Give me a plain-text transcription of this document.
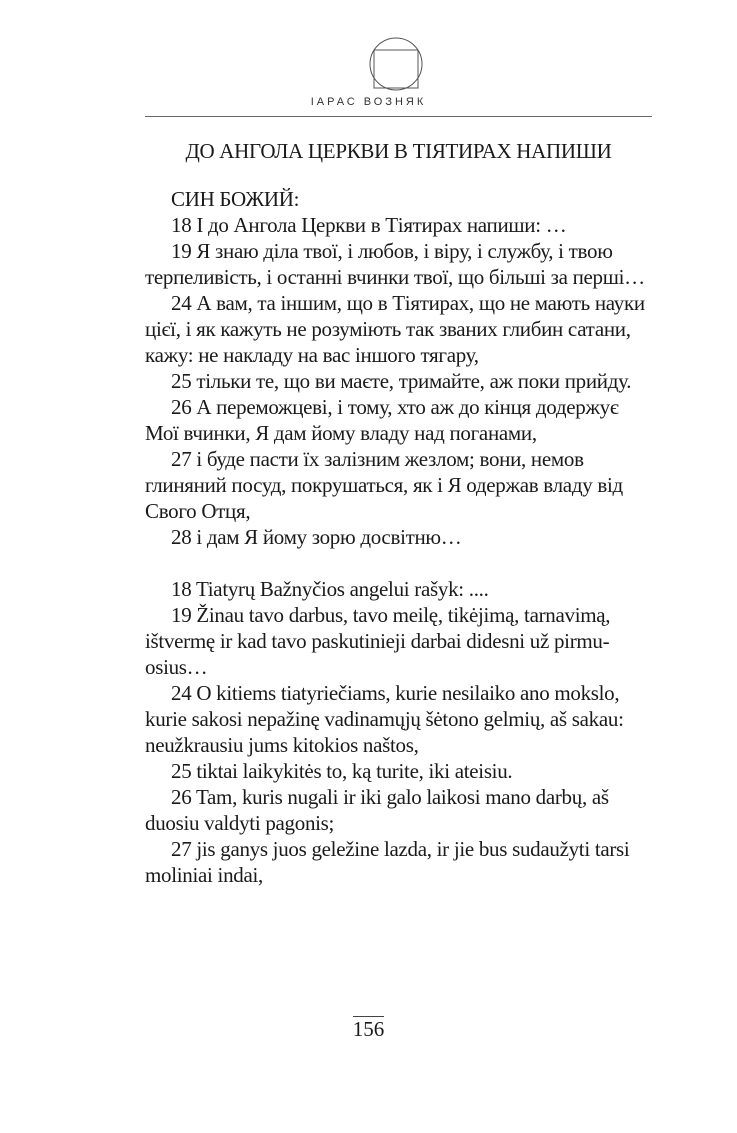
ІАРАС ВОЗНЯК
ДО АНГОЛА ЦЕРКВИ В ТІЯТИРАХ НАПИШИ

СИН БОЖИЙ:

18 І до Ангола Церкви в Тіятирах напиши: …

19 Я знаю діла твої, і любов, і віру, і службу, і твою терпеливість, і останні вчинки твої, що більші за перші…

24 А вам, та іншим, що в Тіятирах, що не мають науки цієї, і як кажуть не розуміють так званих глибин сатани, кажу: не накладу на вас іншого тягару,

25 тільки те, що ви маєте, тримайте, аж поки прийду.

26 А переможцеві, і тому, хто аж до кінця додержує Мої вчинки, Я дам йому владу над поганами,

27 і буде пасти їх залізним жезлом; вони, немов глиняний посуд, покрушаться, як і Я одержав владу від Свого Отця,

28 і дам Я йому зорю досвітню…

18 Tiatyrų Bažnyčios angelui rašyk: ....

19 Žinau tavo darbus, tavo meilę, tikėjimą, tarnavimą, ištvermę ir kad tavo paskutinieji darbai didesni už pirmu-osius…

24 O kitiems tiatyriečiams, kurie nesilaiko ano mokslo, kurie sakosi nepažinę vadinamųjų šėtono gelmių, aš sakau: neužkrausiu jums kitokios naštos,

25 tiktai laikykitės to, ką turite, iki ateisiu.

26 Tam, kuris nugali ir iki galo laikosi mano darbų, aš duosiu valdyti pagonis;

27 jis ganys juos geležine lazda, ir jie bus sudaužyti tarsi moliniai indai,

156
